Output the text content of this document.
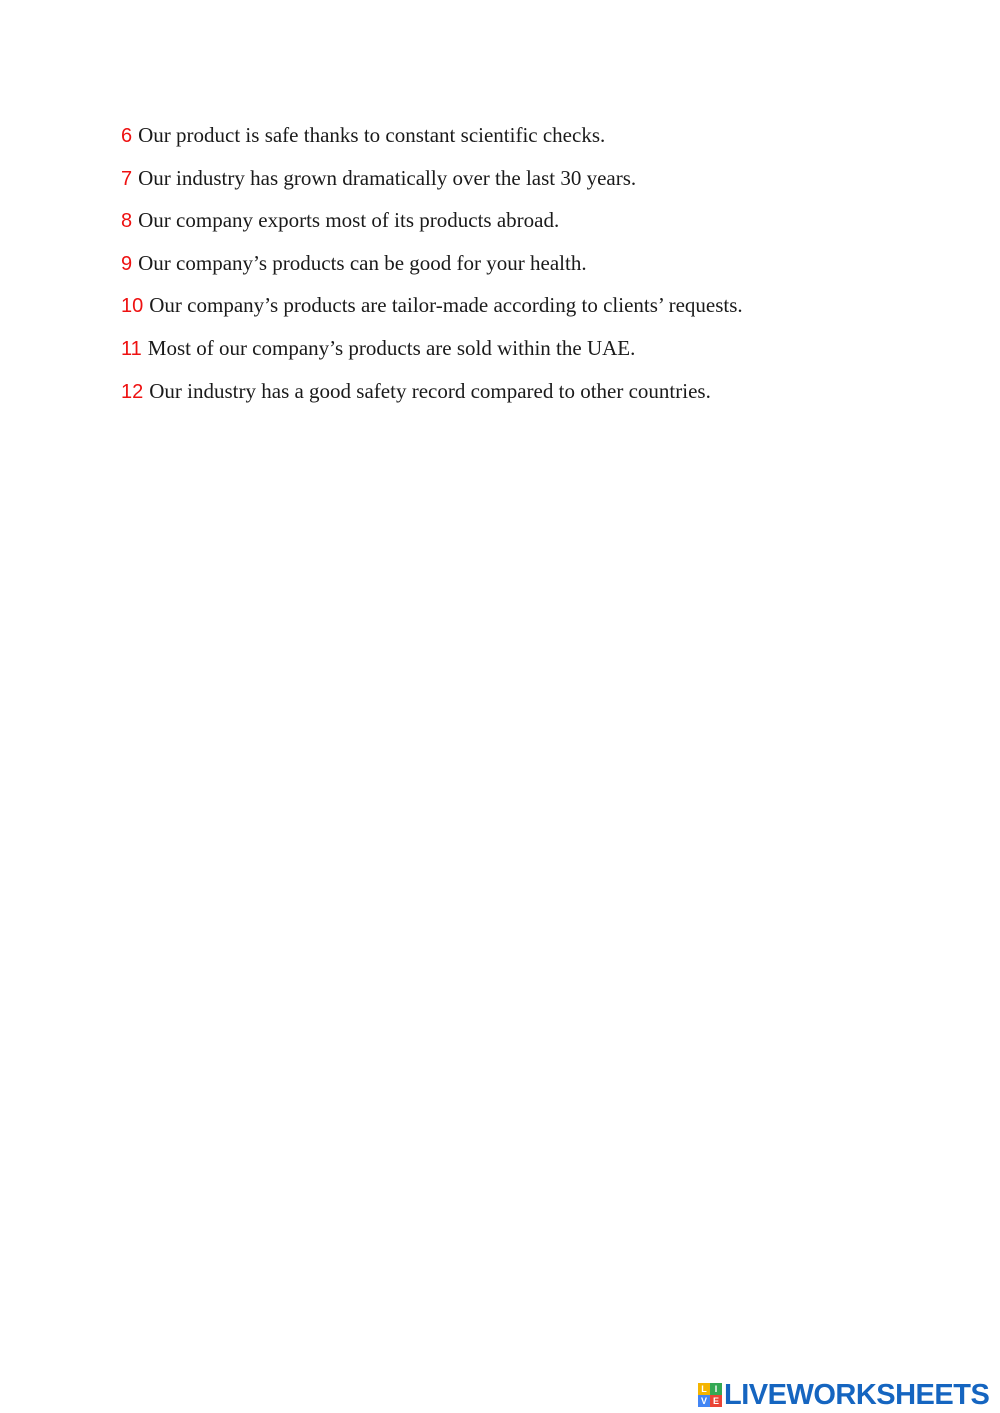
6 Our product is safe thanks to constant scientific checks.
7 Our industry has grown dramatically over the last 30 years.
8 Our company exports most of its products abroad.
9 Our company’s products can be good for your health.
10 Our company’s products are tailor-made according to clients’ requests.
11 Most of our company’s products are sold within the UAE.
12 Our industry has a good safety record compared to other countries.
L I
V E LIVEWORKSHEETS
